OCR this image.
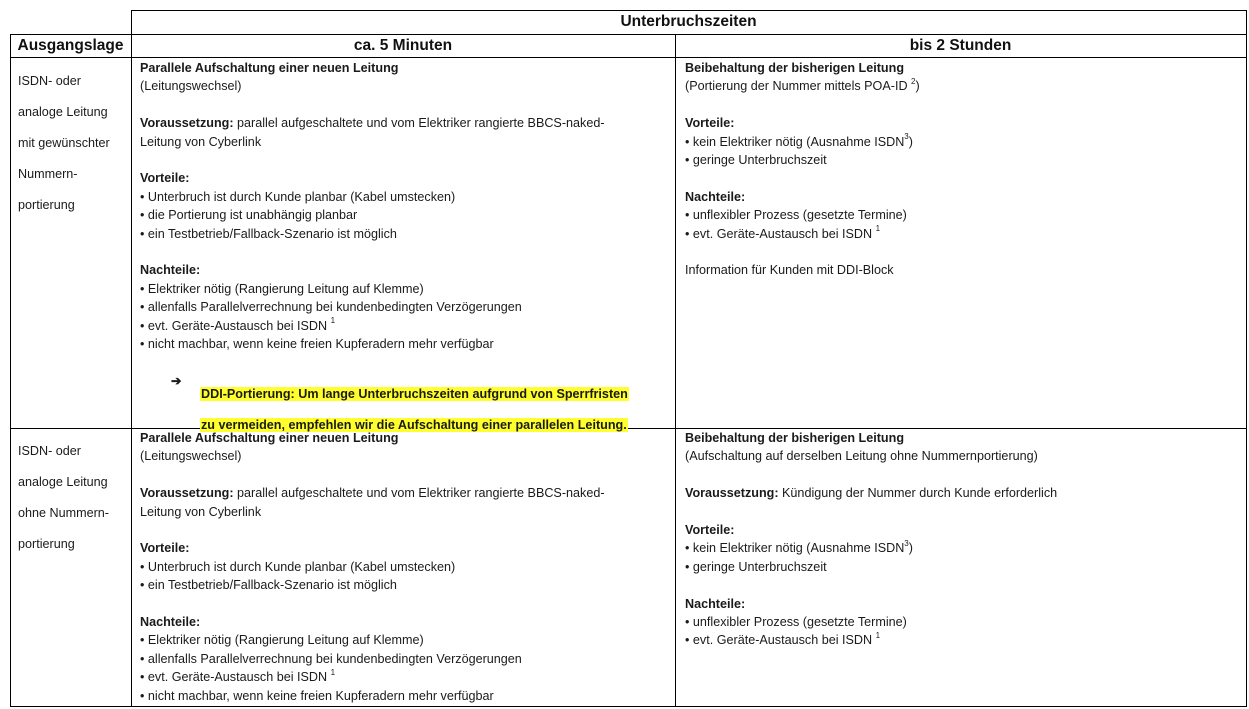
Unterbruchszeiten
Ausgangslage	ca. 5 Minuten	bis 2 Stunden

ISDN- oder

analoge Leitung

mit gewünschter

Nummern-

portierung

Parallele Aufschaltung einer neuen Leitung

(Leitungswechsel)

Voraussetzung: parallel aufgeschaltete und vom Elektriker rangierte BBCS-naked-

Leitung von Cyberlink

Vorteile:

• Unterbruch ist durch Kunde planbar (Kabel umstecken)

• die Portierung ist unabhängig planbar

• ein Testbetrieb/Fallback-Szenario ist möglich

Nachteile:

• Elektriker nötig (Rangierung Leitung auf Klemme)

• allenfalls Parallelverrechnung bei kundenbedingten Verzögerungen

• evt. Geräte-Austausch bei ISDN $^1$

• nicht machbar, wenn keine freien Kupferadern mehr verfügbar

➔

DDI-Portierung: Um lange Unterbruchszeiten aufgrund von Sperrfristen

zu vermeiden, empfehlen wir die Aufschaltung einer parallelen Leitung.

Beibehaltung der bisherigen Leitung

(Portierung der Nummer mittels POA-ID $^2$)

Vorteile:

• kein Elektriker nötig (Ausnahme ISDN$^3$)

• geringe Unterbruchszeit

Nachteile:

• unflexibler Prozess (gesetzte Termine)

• evt. Geräte-Austausch bei ISDN $^1$

Information für Kunden mit DDI-Block

ISDN- oder

analoge Leitung

ohne Nummern-

portierung

Parallele Aufschaltung einer neuen Leitung

(Leitungswechsel)

Voraussetzung: parallel aufgeschaltete und vom Elektriker rangierte BBCS-naked-

Leitung von Cyberlink

Vorteile:

• Unterbruch ist durch Kunde planbar (Kabel umstecken)

• ein Testbetrieb/Fallback-Szenario ist möglich

Nachteile:

• Elektriker nötig (Rangierung Leitung auf Klemme)

• allenfalls Parallelverrechnung bei kundenbedingten Verzögerungen

• evt. Geräte-Austausch bei ISDN $^1$

• nicht machbar, wenn keine freien Kupferadern mehr verfügbar

Beibehaltung der bisherigen Leitung

(Aufschaltung auf derselben Leitung ohne Nummernportierung)

Voraussetzung: Kündigung der Nummer durch Kunde erforderlich

Vorteile:

• kein Elektriker nötig (Ausnahme ISDN$^3$)

• geringe Unterbruchszeit

Nachteile:

• unflexibler Prozess (gesetzte Termine)

• evt. Geräte-Austausch bei ISDN $^1$
